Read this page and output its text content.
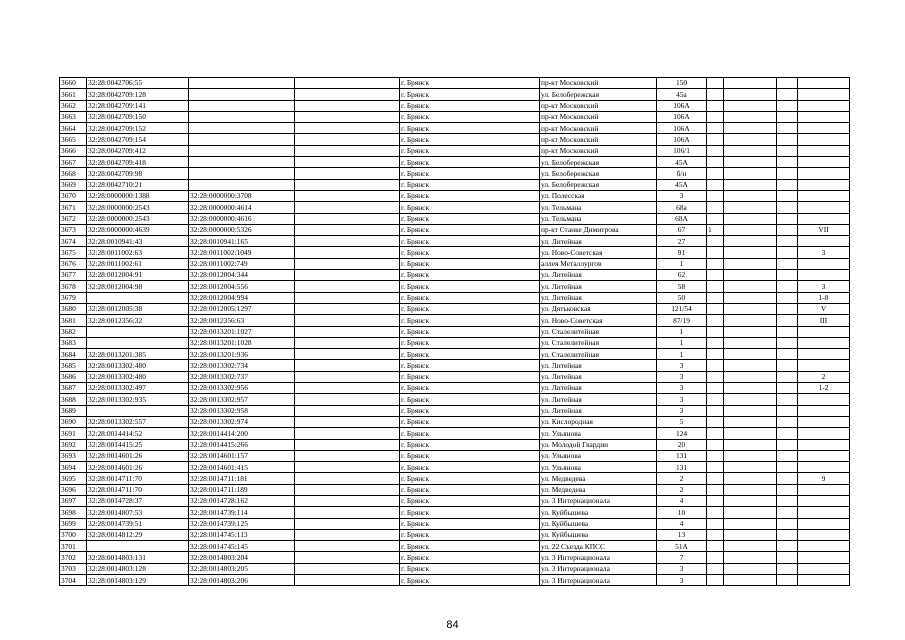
3660	32:28:0042706:55			г. Брянск	пр-кт Московский	150				
3661	32:28:0042709:128			г. Брянск	ул. Белобережская	45а				
3662	32:28:0042709:141			г. Брянск	пр-кт Московский	106А				
3663	32:28:0042709:150			г. Брянск	пр-кт Московский	106А				
3664	32:28:0042709:152			г. Брянск	пр-кт Московский	106А				
3665	32:28:0042709:154			г. Брянск	пр-кт Московский	106А				
3666	32:28:0042709:412			г. Брянск	пр-кт Московский	106/1				
3667	32:28:0042709:418			г. Брянск	ул. Белобережская	45А				
3668	32:28:0042709:98			г. Брянск	ул. Белобережская	б/н				
3669	32:28:0042710:21			г. Брянск	ул. Белобережская	45А				
3670	32:28:0000000:1388	32:28:0000000:3708		г. Брянск	ул. Полесская	3				
3671	32:28:0000000:2543	32:28:0000000:4614		г. Брянск	ул. Тельмана	68а				
3672	32:28:0000000:2543	32:28:0000000:4616		г. Брянск	ул. Тельмана	68А				
3673	32:28:0000000:4639	32:28:0000000:5326		г. Брянск	пр-кт Станке Димитрова	67	1			VII
3674	32:28:0010941:43	32:28:0010941:165		г. Брянск	ул. Литейная	27				
3675	32:28:0011002:63	32:28:0011002:1049		г. Брянск	ул. Ново-Советская	91				3
3676	32:28:0011002:61	32:28:0011002:749		г. Брянск	аллея Металлургов	1				
3677	32:28:0012004:91	32:28:0012004:344		г. Брянск	ул. Литейная	62				
3678	32:28:0012004:98	32:28:0012004:556		г. Брянск	ул. Литейная	58				3
3679		32:28:0012004:994		г. Брянск	ул. Литейная	50				1-8
3680	32:28:0012005:38	32:28:0012005:1297		г. Брянск	ул. Дятьковская	121/54				V
3681	32:28:0012356:32	32:28:0012356:63		г. Брянск	ул. Ново-Советская	87/19				III
3682		32:28:0013201:1027		г. Брянск	ул. Сталелитейная	1				
3683		32:28:0013201:1028		г. Брянск	ул. Сталелитейная	1				
3684	32:28:0013201:385	32:28:0013201:936		г. Брянск	ул. Сталелитейная	1				
3685	32:28:0013302:480	32:28:0013302:734		г. Брянск	ул. Литейная	3				
3686	32:28:0013302:480	32:28:0013302:737		г. Брянск	ул. Литейная	3				2
3687	32:28:0013302:497	32:28:0013302:956		г. Брянск	ул. Литейная	3				1-2
3688	32:28:0013302:935	32:28:0013302:957		г. Брянск	ул. Литейная	3				
3689		32:28:0013302:958		г. Брянск	ул. Литейная	3				
3690	32:28:0013302:557	32:28:0013302:974		г. Брянск	ул. Кислородная	5				
3691	32:28:0014414:52	32:28:0014414:200		г. Брянск	ул. Ульянова	124				
3692	32:28:0014415:25	32:28:0014415:266		г. Брянск	ул. Молодой Гвардии	20				
3693	32:28:0014601:26	32:28:0014601:157		г. Брянск	ул. Ульянова	131				
3694	32:28:0014601:26	32:28:0014601:415		г. Брянск	ул. Ульянова	131				
3695	32:28:0014711:70	32:28:0014711:181		г. Брянск	ул. Медведева	2				9
3696	32:28:0014711:70	32:28:0014711:189		г. Брянск	ул. Медведева	2				
3697	32:28:0014728:37	32:28:0014728:162		г. Брянск	ул. 3 Интернационала	4				
3698	32:28:0014807:53	32:28:0014739:114		г. Брянск	ул. Куйбышева	10				
3699	32:28:0014739:51	32:28:0014739:125		г. Брянск	ул. Куйбышева	4				
3700	32:28:0014812:29	32:28:0014745:113		г. Брянск	ул. Куйбышева	13				
3701		32:28:0014745:145		г. Брянск	ул. 22 Съезда КПСС	51А				
3702	32:28:0014803:131	32:28:0014803:204		г. Брянск	ул. 3 Интернационала	7				
3703	32:28:0014803:128	32:28:0014803:205		г. Брянск	ул. 3 Интернационала	3				
3704	32:28:0014803:129	32:28:0014803:206		г. Брянск	ул. 3 Интернационала	3				
84
